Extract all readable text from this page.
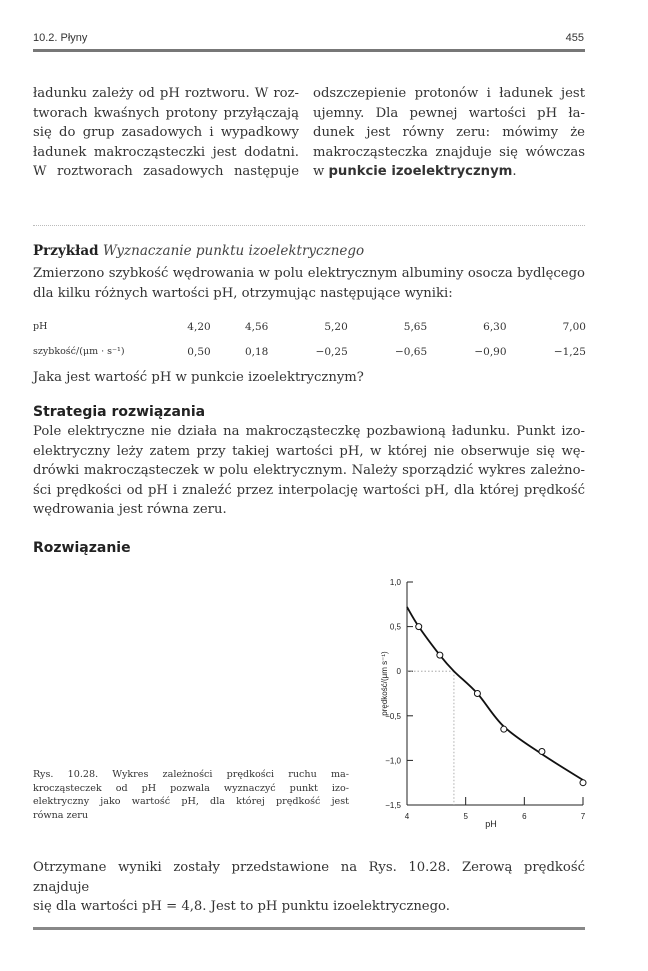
10.2. Płyny	455

ładunku zależy od pH roztworu. W roz-

tworach kwaśnych protony przyłączają

się do grup zasadowych i wypadkowy

ładunek makrocząsteczki jest dodatni.

W roztworach zasadowych następuje

odszczepienie protonów i ładunek jest

ujemny. Dla pewnej wartości pH ła-

dunek jest równy zeru: mówimy że

makrocząsteczka znajduje się wówczas

w punkcie izoelektrycznym.

Przykład Wyznaczanie punktu izoelektrycznego

Zmierzono szybkość wędrowania w polu elektrycznym albuminy osocza bydlęcego

dla kilku różnych wartości pH, otrzymując następujące wyniki:

pH	4,20	4,56	5,20	5,65	6,30	7,00
szybkość/(μm · s⁻¹)	0,50	0,18	−0,25	−0,65	−0,90	−1,25

Jaka jest wartość pH w punkcie izoelektrycznym?

Strategia rozwiązania

Pole elektryczne nie działa na makrocząsteczkę pozbawioną ładunku. Punkt izo-

elektryczny leży zatem przy takiej wartości pH, w której nie obserwuje się wę-

drówki makrocząsteczek w polu elektrycznym. Należy sporządzić wykres zależno-

ści prędkości od pH i znaleźć przez interpolację wartości pH, dla której prędkość

wędrowania jest równa zeru.

Rozwiązanie
1,0
0,5
0
−0,5
−1,0
−1,5
4	5	6	7
pH
prędkość/(μm s⁻¹)

Rys. 10.28. Wykres zależności prędkości ruchu ma-

krocząsteczek od pH pozwala wyznaczyć punkt izo-

elektryczny jako wartość pH, dla której prędkość jest

równa zeru

Otrzymane wyniki zostały przedstawione na Rys. 10.28. Zerową prędkość znajduje

się dla wartości pH = 4,8. Jest to pH punktu izoelektrycznego.
